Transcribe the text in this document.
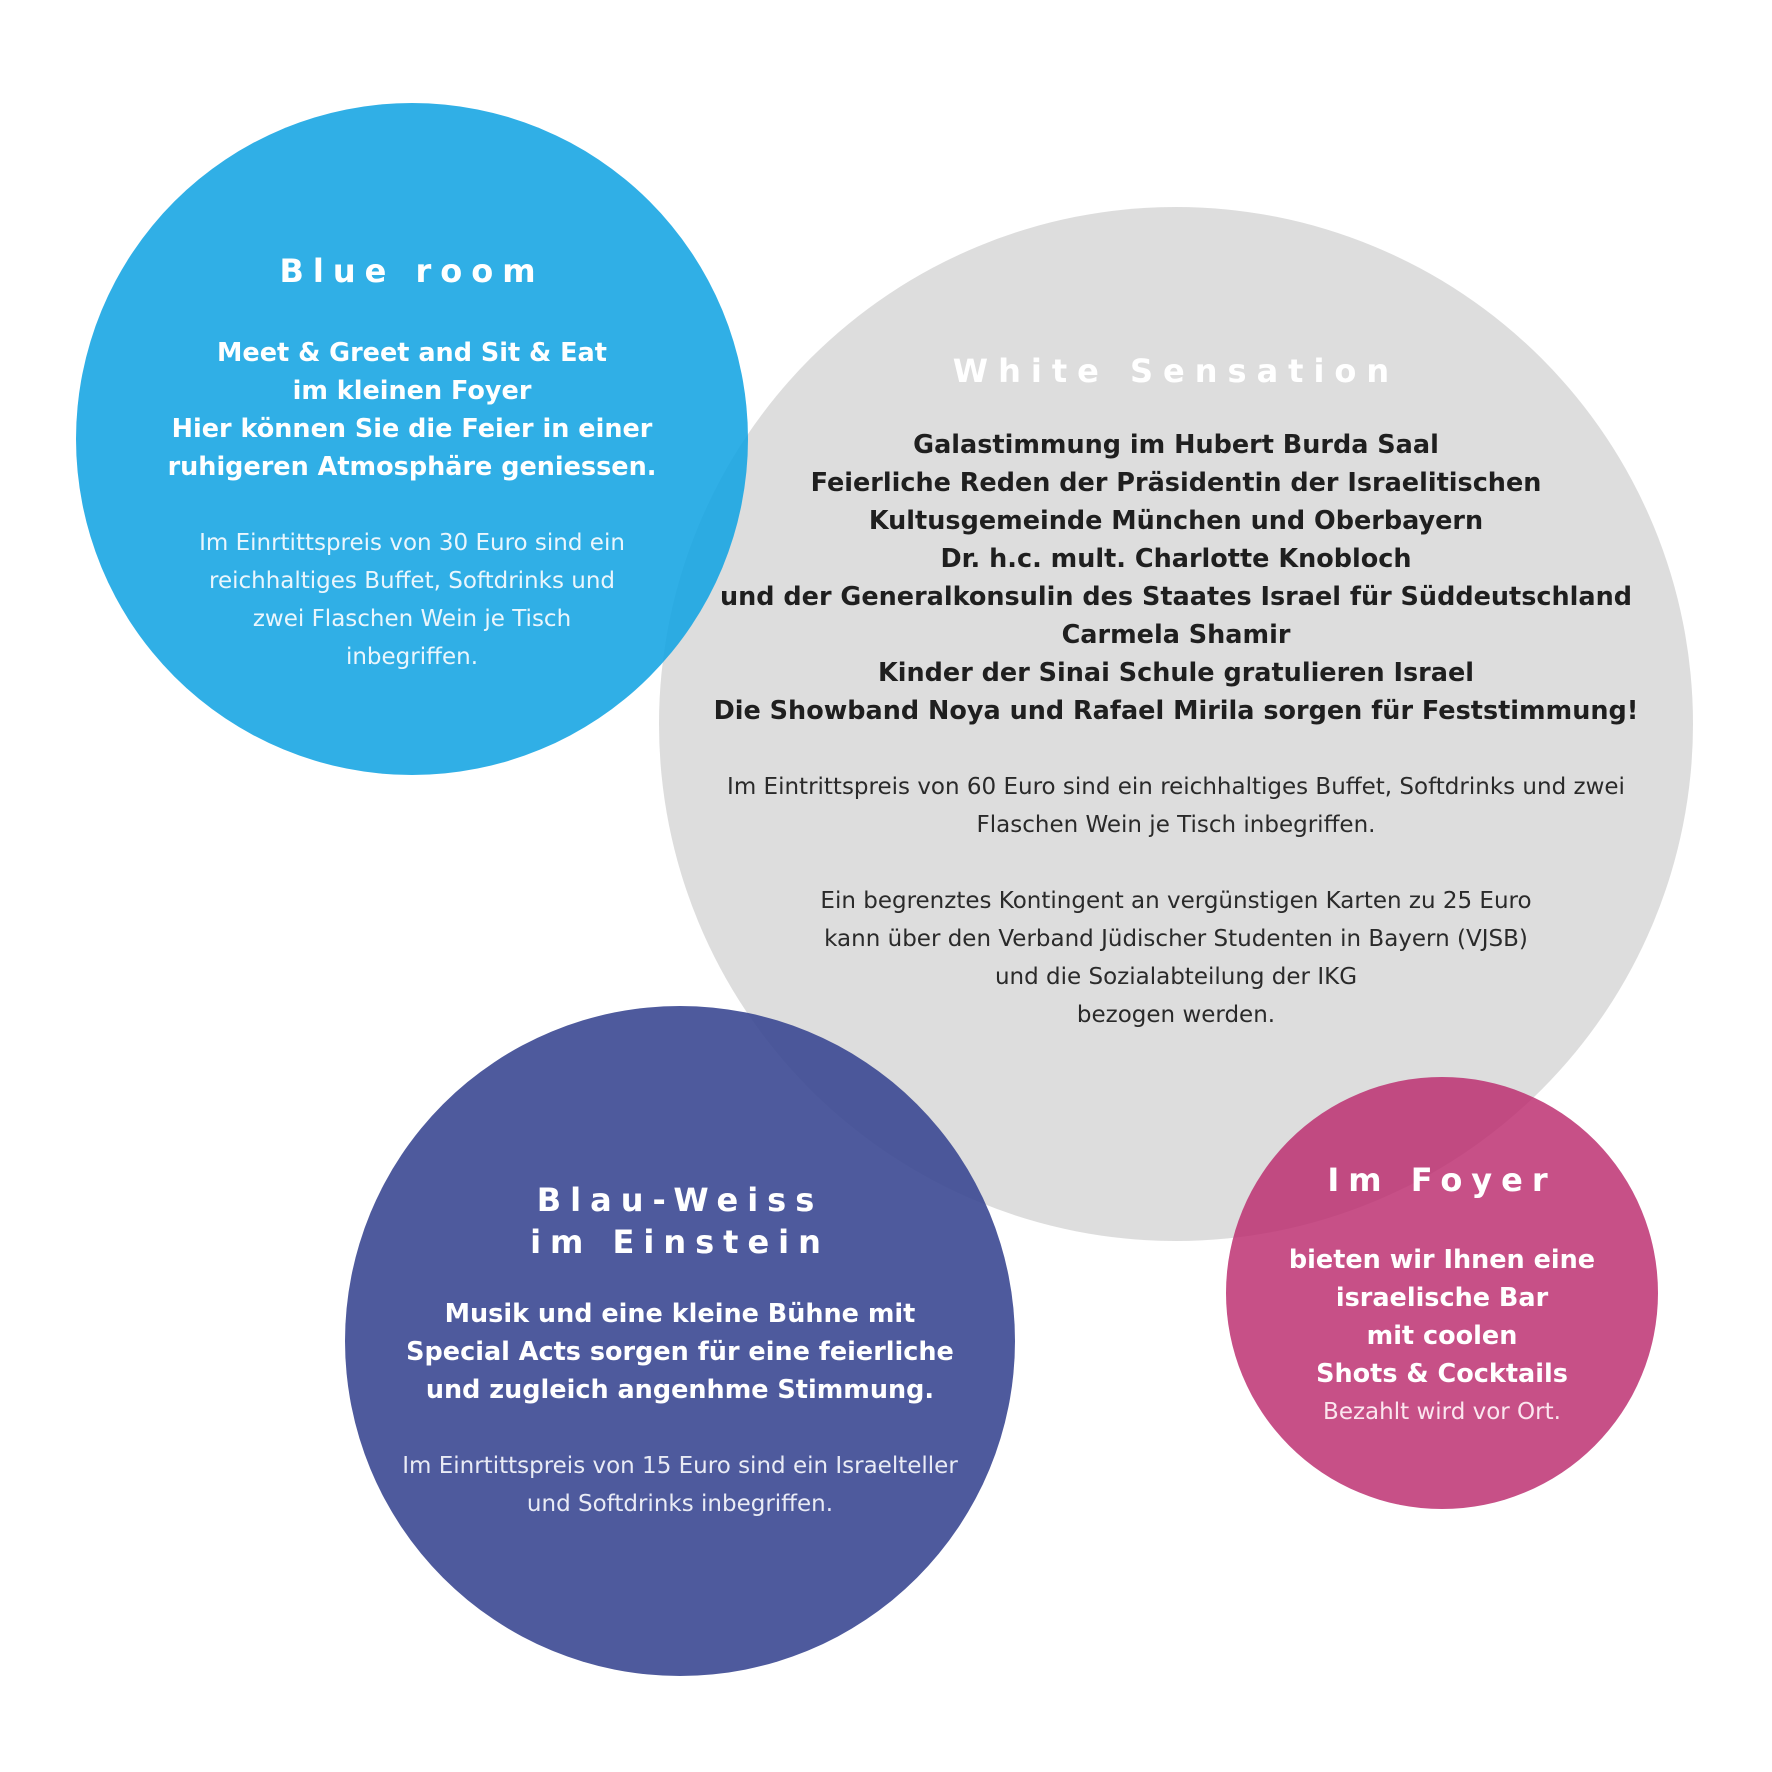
Blue room

Meet & Greet and Sit & Eat
im kleinen Foyer
Hier können Sie die Feier in einer
ruhigeren Atmosphäre geniessen.

Im Einrtittspreis von 30 Euro sind ein
reichhaltiges Buffet, Softdrinks und
zwei Flaschen Wein je Tisch
inbegriffen.

White Sensation

Galastimmung im Hubert Burda Saal
Feierliche Reden der Präsidentin der Israelitischen
Kultusgemeinde München und Oberbayern
Dr. h.c. mult. Charlotte Knobloch
und der Generalkonsulin des Staates Israel für Süddeutschland
Carmela Shamir
Kinder der Sinai Schule gratulieren Israel
Die Showband Noya und Rafael Mirila sorgen für Feststimmung!

Im Eintrittspreis von 60 Euro sind ein reichhaltiges Buffet, Softdrinks und zwei
Flaschen Wein je Tisch inbegriffen.

Ein begrenztes Kontingent an vergünstigen Karten zu 25 Euro
kann über den Verband Jüdischer Studenten in Bayern (VJSB)
und die Sozialabteilung der IKG
bezogen werden.

Blau-Weiss
im Einstein

Musik und eine kleine Bühne mit
Special Acts sorgen für eine feierliche
und zugleich angenhme Stimmung.

Im Einrtittspreis von 15 Euro sind ein Israelteller
und Softdrinks inbegriffen.

Im Foyer

bieten wir Ihnen eine
israelische Bar
mit coolen
Shots & Cocktails

Bezahlt wird vor Ort.
